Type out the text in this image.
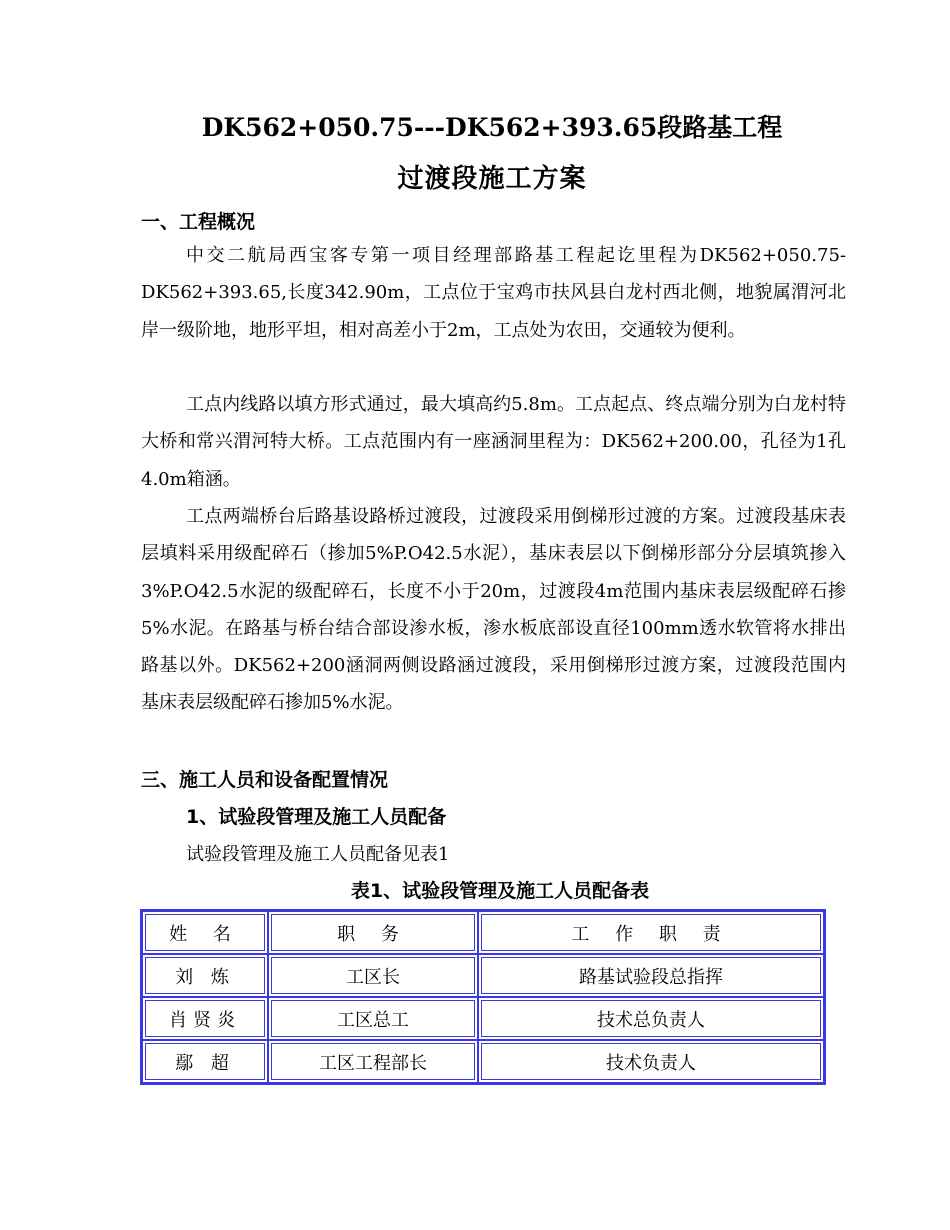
DK562+050.75---DK562+393.65段路基工程
过渡段施工方案
一、工程概况
中交二航局西宝客专第一项目经理部路基工程起讫里程为DK562+050.75-DK562+393.65,长度342.90m，工点位于宝鸡市扶风县白龙村西北侧，地貌属渭河北岸一级阶地，地形平坦，相对高差小于2m，工点处为农田，交通较为便利。
工点内线路以填方形式通过，最大填高约5.8m。工点起点、终点端分别为白龙村特大桥和常兴渭河特大桥。工点范围内有一座涵洞里程为：DK562+200.00，孔径为1孔4.0m箱涵。
工点两端桥台后路基设路桥过渡段，过渡段采用倒梯形过渡的方案。过渡段基床表层填料采用级配碎石（掺加5%P.O42.5水泥），基床表层以下倒梯形部分分层填筑掺入3%P.O42.5水泥的级配碎石，长度不小于20m，过渡段4m范围内基床表层级配碎石掺5%水泥。在路基与桥台结合部设渗水板，渗水板底部设直径100mm透水软管将水排出路基以外。DK562+200涵洞两侧设路涵过渡段，采用倒梯形过渡方案，过渡段范围内基床表层级配碎石掺加5%水泥。
三、施工人员和设备配置情况
1、试验段管理及施工人员配备
试验段管理及施工人员配备见表1
表1、试验段管理及施工人员配备表
姓 名	职 务	工 作 职 责
刘 炼	工区长	路基试验段总指挥
肖贤炎	工区总工	技术总负责人
鄢 超	工区工程部长	技术负责人
